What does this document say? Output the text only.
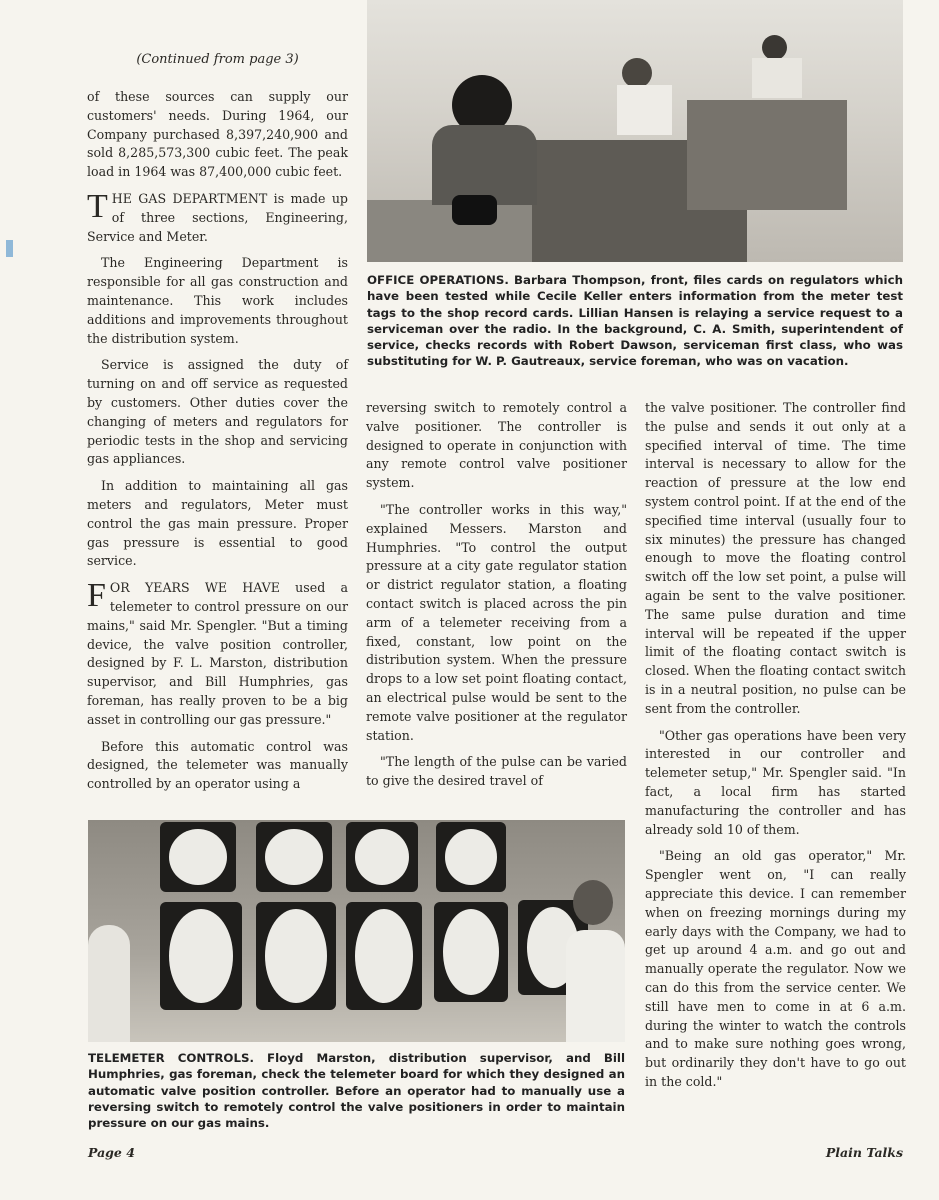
(Continued from page 3)

of these sources can supply our customers' needs. During 1964, our Company purchased 8,397,240,900 and sold 8,285,573,300 cubic feet. The peak load in 1964 was 87,400,000 cubic feet.

THE GAS DEPARTMENT is made up of three sections, Engineering, Service and Meter.

The Engineering Department is responsible for all gas construction and maintenance. This work includes additions and improvements throughout the distribution system.

Service is assigned the duty of turning on and off service as requested by customers. Other duties cover the changing of meters and regulators for periodic tests in the shop and servicing gas appliances.

In addition to maintaining all gas meters and regulators, Meter must control the gas main pressure. Proper gas pressure is essential to good service.

FOR YEARS WE HAVE used a telemeter to control pressure on our mains," said Mr. Spengler. "But a timing device, the valve position controller, designed by F. L. Marston, distribution supervisor, and Bill Humphries, gas foreman, has really proven to be a big asset in controlling our gas pressure."

Before this automatic control was designed, the telemeter was manually controlled by an operator using a

OFFICE OPERATIONS. Barbara Thompson, front, files cards on regulators which have been tested while Cecile Keller enters information from the meter test tags to the shop record cards. Lillian Hansen is relaying a service request to a serviceman over the radio. In the background, C. A. Smith, superintendent of service, checks records with Robert Dawson, serviceman first class, who was substituting for W. P. Gautreaux, service foreman, who was on vacation.

reversing switch to remotely control a valve positioner. The controller is designed to operate in conjunction with any remote control valve positioner system.

"The controller works in this way," explained Messers. Marston and Humphries. "To control the output pressure at a city gate regulator station or district regulator station, a floating contact switch is placed across the pin arm of a telemeter receiving from a fixed, constant, low point on the distribution system. When the pressure drops to a low set point floating contact, an electrical pulse would be sent to the remote valve positioner at the regulator station.

"The length of the pulse can be varied to give the desired travel of

the valve positioner. The controller find the pulse and sends it out only at a specified interval of time. The time interval is necessary to allow for the reaction of pressure at the low end system control point. If at the end of the specified time interval (usually four to six minutes) the pressure has changed enough to move the floating control switch off the low set point, a pulse will again be sent to the valve positioner. The same pulse duration and time interval will be repeated if the upper limit of the floating contact switch is closed. When the floating contact switch is in a neutral position, no pulse can be sent from the controller.

"Other gas operations have been very interested in our controller and telemeter setup," Mr. Spengler said. "In fact, a local firm has started manufacturing the controller and has already sold 10 of them.

"Being an old gas operator," Mr. Spengler went on, "I can really appreciate this device. I can remember when on freezing mornings during my early days with the Company, we had to get up around 4 a.m. and go out and manually operate the regulator. Now we can do this from the service center. We still have men to come in at 6 a.m. during the winter to watch the controls and to make sure nothing goes wrong, but ordinarily they don't have to go out in the cold."

TELEMETER CONTROLS. Floyd Marston, distribution supervisor, and Bill Humphries, gas foreman, check the telemeter board for which they designed an automatic valve position controller. Before an operator had to manually use a reversing switch to remotely control the valve positioners in order to maintain pressure on our gas mains.
Page 4	Plain Talks
